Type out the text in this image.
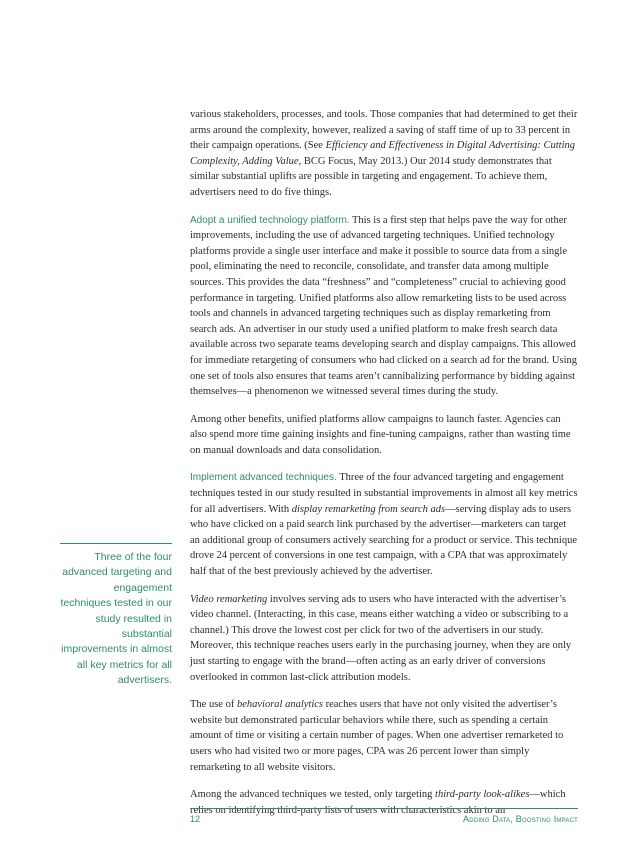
various stakeholders, processes, and tools. Those companies that had determined to get their arms around the complexity, however, realized a saving of staff time of up to 33 percent in their campaign operations. (See Efficiency and Effectiveness in Digital Advertising: Cutting Complexity, Adding Value, BCG Focus, May 2013.) Our 2014 study demonstrates that similar substantial uplifts are possible in targeting and engagement. To achieve them, advertisers need to do five things.

Adopt a unified technology platform. This is a first step that helps pave the way for other improvements, including the use of advanced targeting techniques. Unified technology platforms provide a single user interface and make it possible to source data from a single pool, eliminating the need to reconcile, consolidate, and transfer data among multiple sources. This provides the data “freshness” and “completeness” crucial to achieving good performance in targeting. Unified platforms also allow remarketing lists to be used across tools and channels in advanced targeting techniques such as display remarketing from search ads. An advertiser in our study used a unified platform to make fresh search data available across two separate teams developing search and display campaigns. This allowed for immediate retargeting of consumers who had clicked on a search ad for the brand. Using one set of tools also ensures that teams aren’t cannibalizing performance by bidding against themselves—a phenomenon we witnessed several times during the study.

Among other benefits, unified platforms allow campaigns to launch faster. Agencies can also spend more time gaining insights and fine-tuning campaigns, rather than wasting time on manual downloads and data consolidation.

Implement advanced techniques. Three of the four advanced targeting and engagement techniques tested in our study resulted in substantial improvements in almost all key metrics for all advertisers. With display remarketing from search ads—serving display ads to users who have clicked on a paid search link purchased by the advertiser—marketers can target an additional group of consumers actively searching for a product or service. This technique drove 24 percent of conversions in one test campaign, with a CPA that was approximately half that of the best previously achieved by the advertiser.

Video remarketing involves serving ads to users who have interacted with the advertiser’s video channel. (Interacting, in this case, means either watching a video or subscribing to a channel.) This drove the lowest cost per click for two of the advertisers in our study. Moreover, this technique reaches users early in the purchasing journey, when they are only just starting to engage with the brand—often acting as an early driver of conversions overlooked in common last-click attribution models.

The use of behavioral analytics reaches users that have not only visited the advertiser’s website but demonstrated particular behaviors while there, such as spending a certain amount of time or visiting a certain number of pages. When one advertiser remarketed to users who had visited two or more pages, CPA was 26 percent lower than simply remarketing to all website visitors.

Among the advanced techniques we tested, only targeting third-party look-alikes—which relies on identifying third-party lists of users with characteristics akin to an

Three of the four advanced targeting and engagement techniques tested in our study resulted in substantial improvements in almost all key metrics for all advertisers.
12	Adding Data, Boosting Impact
